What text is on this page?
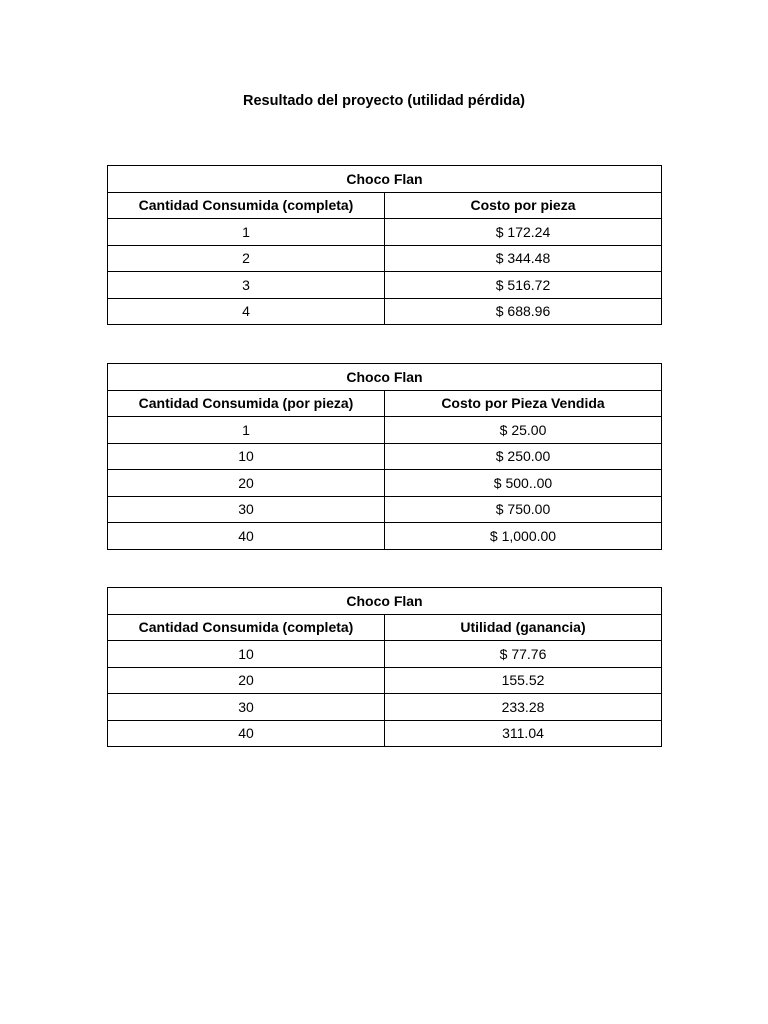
Resultado del proyecto (utilidad pérdida)
Choco Flan	
Cantidad Consumida (completa)	Costo por pieza
1	$ 172.24
2	$ 344.48
3	$ 516.72
4	$ 688.96
Choco Flan	
Cantidad Consumida (por pieza)	Costo por Pieza Vendida
1	$ 25.00
10	$ 250.00
20	$ 500..00
30	$ 750.00
40	$ 1,000.00
Choco Flan	
Cantidad Consumida (completa)	Utilidad (ganancia)
10	$ 77.76
20	155.52
30	233.28
40	311.04
